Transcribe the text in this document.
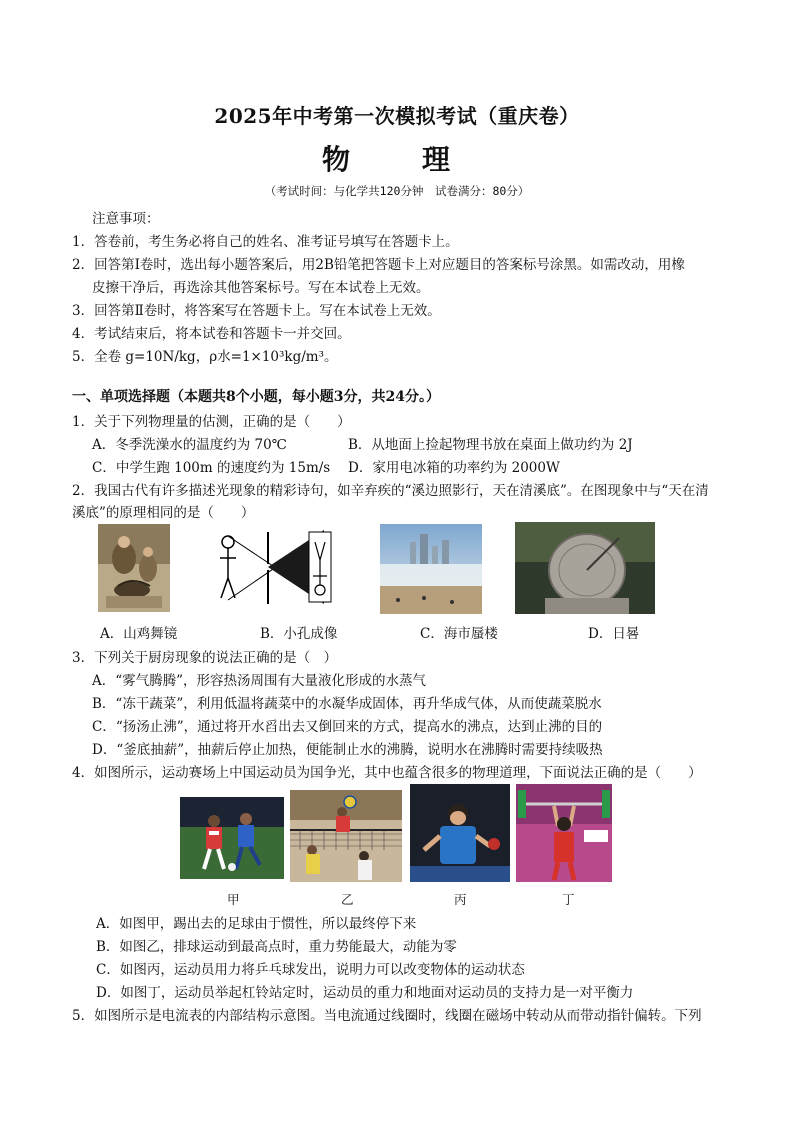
2025年中考第一次模拟考试（重庆卷）
物　理
（考试时间：与化学共120分钟　试卷满分：80分）
注意事项：
1．答卷前，考生务必将自己的姓名、准考证号填写在答题卡上。
2．回答第Ⅰ卷时，选出每小题答案后，用2B铅笔把答题卡上对应题目的答案标号涂黑。如需改动，用橡
皮擦干净后，再选涂其他答案标号。写在本试卷上无效。
3．回答第Ⅱ卷时，将答案写在答题卡上。写在本试卷上无效。
4．考试结束后，将本试卷和答题卡一并交回。
5．全卷 g=10N/kg，ρ水=1×10³kg/m³。
一、单项选择题（本题共8个小题，每小题3分，共24分。）
1．关于下列物理量的估测，正确的是（　　）
A．冬季洗澡水的温度约为 70℃	B．从地面上捡起物理书放在桌面上做功约为 2J
C．中学生跑 100m 的速度约为 15m/s D．家用电冰箱的功率约为 2000W
2．我国古代有许多描述光现象的精彩诗句，如辛弃疾的“溪边照影行，天在清溪底”。在图现象中与“天在清
溪底”的原理相同的是（　　）
A．山鸡舞镜	B．小孔成像	C．海市蜃楼	D．日晷
3．下列关于厨房现象的说法正确的是（　）
A．“雾气腾腾”，形容热汤周围有大量液化形成的水蒸气
B．“冻干蔬菜”，利用低温将蔬菜中的水凝华成固体，再升华成气体，从而使蔬菜脱水
C．“扬汤止沸”，通过将开水舀出去又倒回来的方式，提高水的沸点，达到止沸的目的
D．“釜底抽薪”，抽薪后停止加热，便能制止水的沸腾，说明水在沸腾时需要持续吸热
4．如图所示，运动赛场上中国运动员为国争光，其中也蕴含很多的物理道理，下面说法正确的是（　　）
甲	乙	丙	丁
A．如图甲，踢出去的足球由于惯性，所以最终停下来
B．如图乙，排球运动到最高点时，重力势能最大，动能为零
C．如图丙，运动员用力将乒乓球发出，说明力可以改变物体的运动状态
D．如图丁，运动员举起杠铃站定时，运动员的重力和地面对运动员的支持力是一对平衡力
5．如图所示是电流表的内部结构示意图。当电流通过线圈时，线圈在磁场中转动从而带动指针偏转。下列
